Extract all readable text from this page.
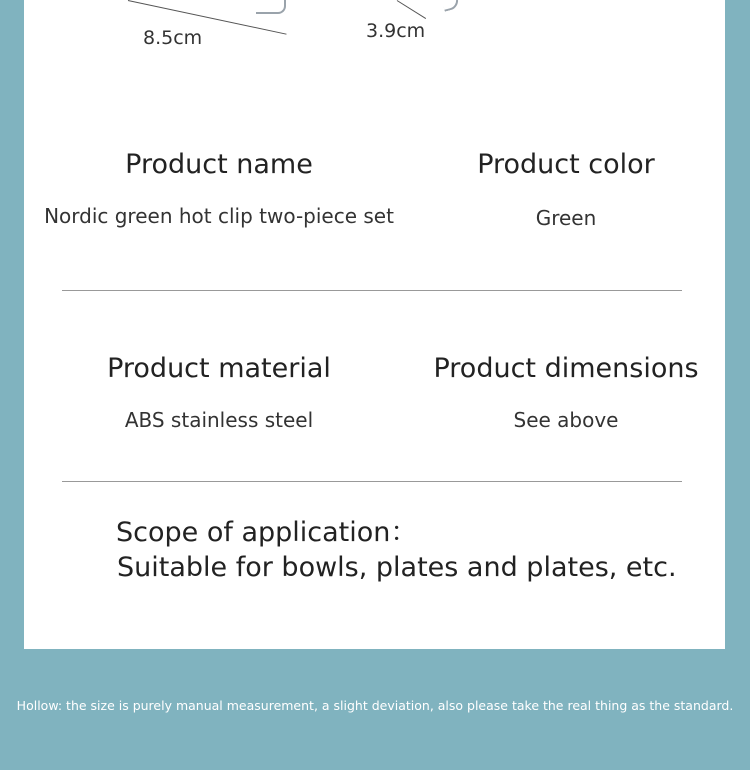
8.5cm	3.9cm
Product name
Nordic green hot clip two-piece set
Product color
Green
Product material
ABS stainless steel
Product dimensions
See above
Scope of application：
Suitable for bowls, plates and plates, etc.
Hollow: the size is purely manual measurement, a slight deviation, also please take the real thing as the standard.
